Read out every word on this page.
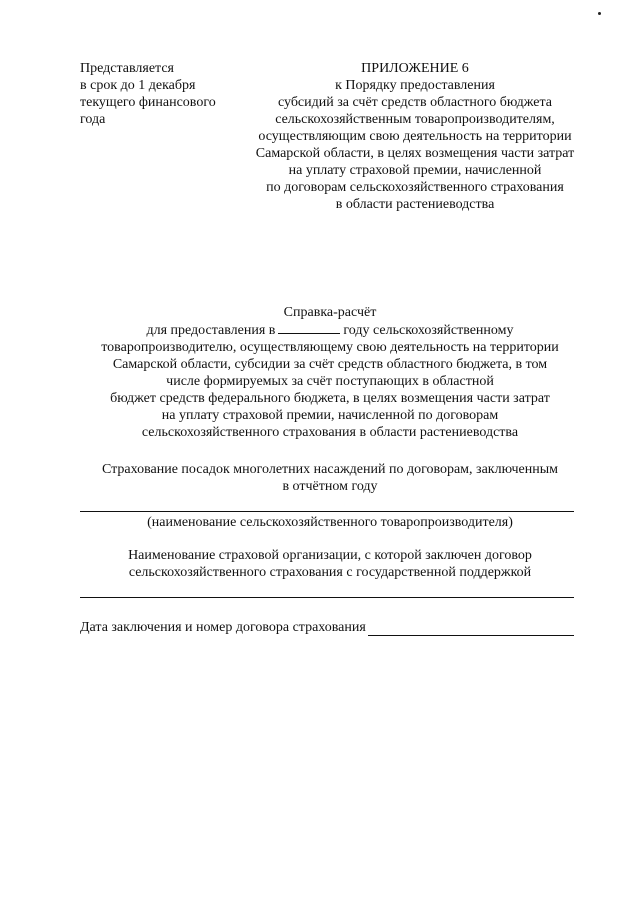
Представляется
в срок до 1 декабря
текущего финансового
года
ПРИЛОЖЕНИЕ 6
к Порядку предоставления
субсидий за счёт средств областного бюджета
сельскохозяйственным товаропроизводителям,
осуществляющим свою деятельность на территории
Самарской области, в целях возмещения части затрат
на уплату страховой премии, начисленной
по договорам сельскохозяйственного страхования
в области растениеводства
Справка-расчёт
для предоставления в	году сельскохозяйственному
товаропроизводителю, осуществляющему свою деятельность на территории
Самарской области, субсидии за счёт средств областного бюджета, в том
числе формируемых за счёт поступающих в областной
бюджет средств федерального бюджета, в целях возмещения части затрат
на уплату страховой премии, начисленной по договорам
сельскохозяйственного страхования в области растениеводства
Страхование посадок многолетних насаждений по договорам, заключенным
в отчётном году
(наименование сельскохозяйственного товаропроизводителя)
Наименование страховой организации, с которой заключен договор
сельскохозяйственного страхования с государственной поддержкой
Дата заключения и номер договора страхования
